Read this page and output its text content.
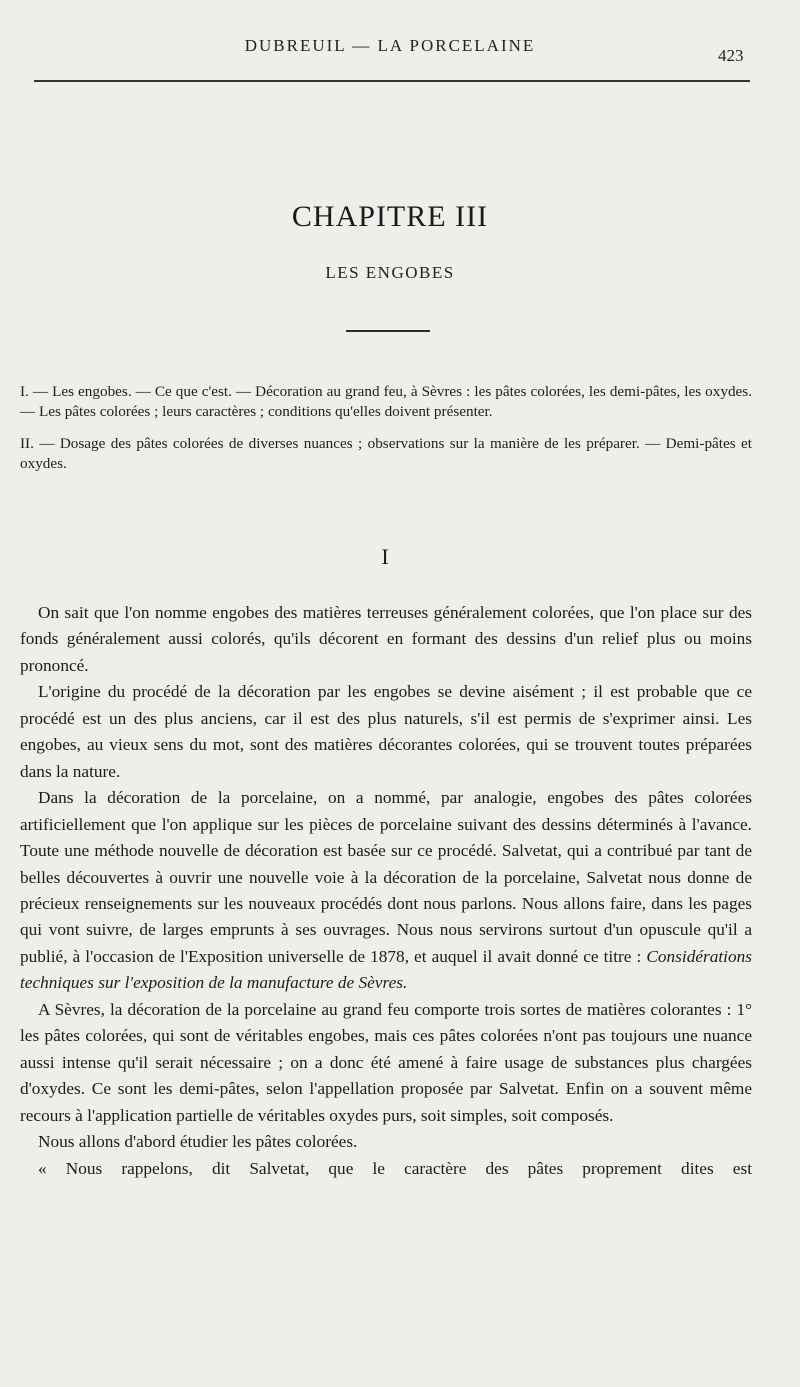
DUBREUIL — LA PORCELAINE
423
CHAPITRE III
LES ENGOBES

I. — Les engobes. — Ce que c'est. — Décoration au grand feu, à Sèvres : les pâtes colorées, les demi-pâtes, les oxydes. — Les pâtes colorées ; leurs caractères ; conditions qu'elles doivent présenter.

II. — Dosage des pâtes colorées de diverses nuances ; observations sur la manière de les préparer. — Demi-pâtes et oxydes.

I

On sait que l'on nomme engobes des matières terreuses généralement colorées, que l'on place sur des fonds généralement aussi colorés, qu'ils décorent en formant des dessins d'un relief plus ou moins prononcé.

L'origine du procédé de la décoration par les engobes se devine aisément ; il est probable que ce procédé est un des plus anciens, car il est des plus naturels, s'il est permis de s'exprimer ainsi. Les engobes, au vieux sens du mot, sont des matières décorantes colorées, qui se trouvent toutes préparées dans la nature.

Dans la décoration de la porcelaine, on a nommé, par analogie, engobes des pâtes colorées artificiellement que l'on applique sur les pièces de porcelaine suivant des dessins déterminés à l'avance. Toute une méthode nouvelle de décoration est basée sur ce procédé. Salvetat, qui a contribué par tant de belles découvertes à ouvrir une nouvelle voie à la décoration de la porcelaine, Salvetat nous donne de précieux renseignements sur les nouveaux procédés dont nous parlons. Nous allons faire, dans les pages qui vont suivre, de larges emprunts à ses ouvrages. Nous nous servirons surtout d'un opuscule qu'il a publié, à l'occasion de l'Exposition universelle de 1878, et auquel il avait donné ce titre : Considérations techniques sur l'exposition de la manufacture de Sèvres.

A Sèvres, la décoration de la porcelaine au grand feu comporte trois sortes de matières colorantes : 1° les pâtes colorées, qui sont de véritables engobes, mais ces pâtes colorées n'ont pas toujours une nuance aussi intense qu'il serait nécessaire ; on a donc été amené à faire usage de substances plus chargées d'oxydes. Ce sont les demi-pâtes, selon l'appellation proposée par Salvetat. Enfin on a souvent même recours à l'application partielle de véritables oxydes purs, soit simples, soit composés.

Nous allons d'abord étudier les pâtes colorées.

« Nous rappelons, dit Salvetat, que le caractère des pâtes proprement dites est
